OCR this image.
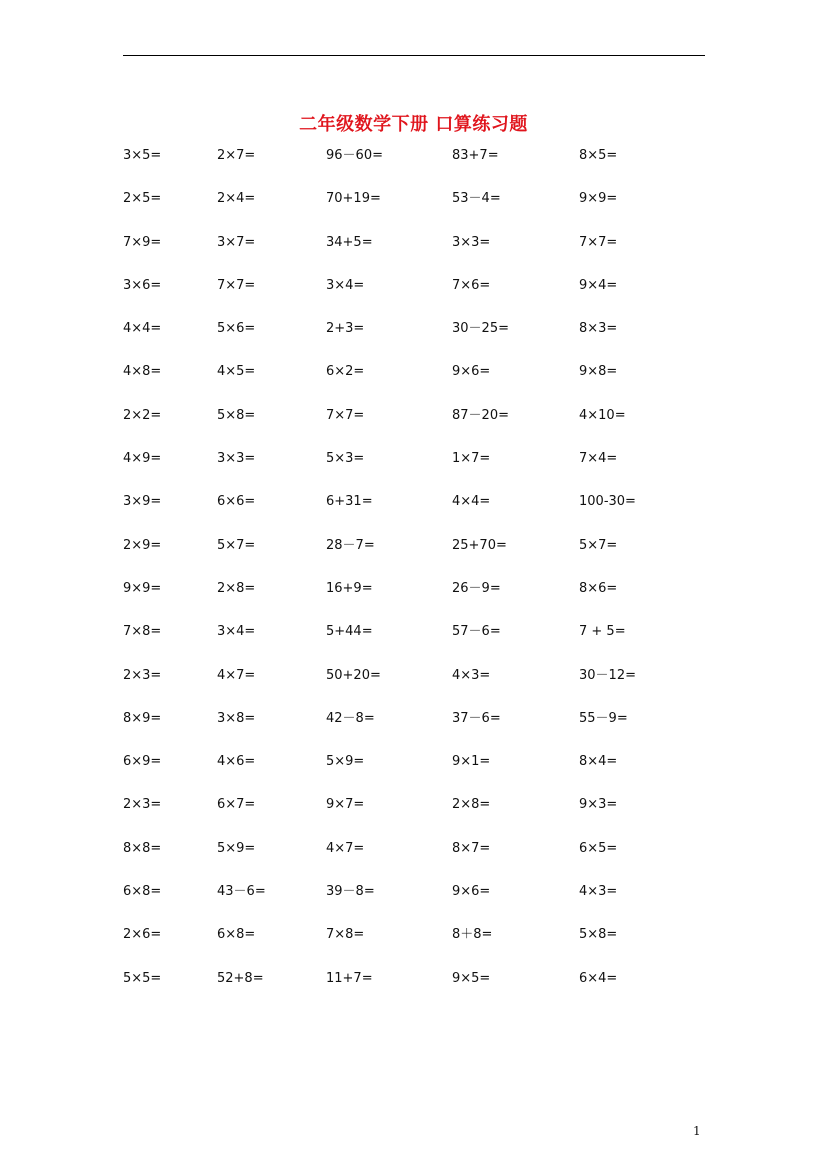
二年级数学下册 口算练习题
3×5=	2×7=	96－60=	83+7=	8×5=
2×5=	2×4=	70+19=	53－4=	9×9=
7×9=	3×7=	34+5=	3×3=	7×7=
3×6=	7×7=	3×4=	7×6=	9×4=
4×4=	5×6=	2+3=	30－25=	8×3=
4×8=	4×5=	6×2=	9×6=	9×8=
2×2=	5×8=	7×7=	87－20=	4×10=
4×9=	3×3=	5×3=	1×7=	7×4=
3×9=	6×6=	6+31=	4×4=	100-30=
2×9=	5×7=	28－7=	25+70=	5×7=
9×9=	2×8=	16+9=	26－9=	8×6=
7×8=	3×4=	5+44=	57－6=	7 + 5=
2×3=	4×7=	50+20=	4×3=	30－12=
8×9=	3×8=	42－8=	37－6=	55－9=
6×9=	4×6=	5×9=	9×1=	8×4=
2×3=	6×7=	9×7=	2×8=	9×3=
8×8=	5×9=	4×7=	8×7=	6×5=
6×8=	43－6=	39－8=	9×6=	4×3=
2×6=	6×8=	7×8=	8＋8=	5×8=
5×5=	52+8=	11+7=	9×5=	6×4=
1
